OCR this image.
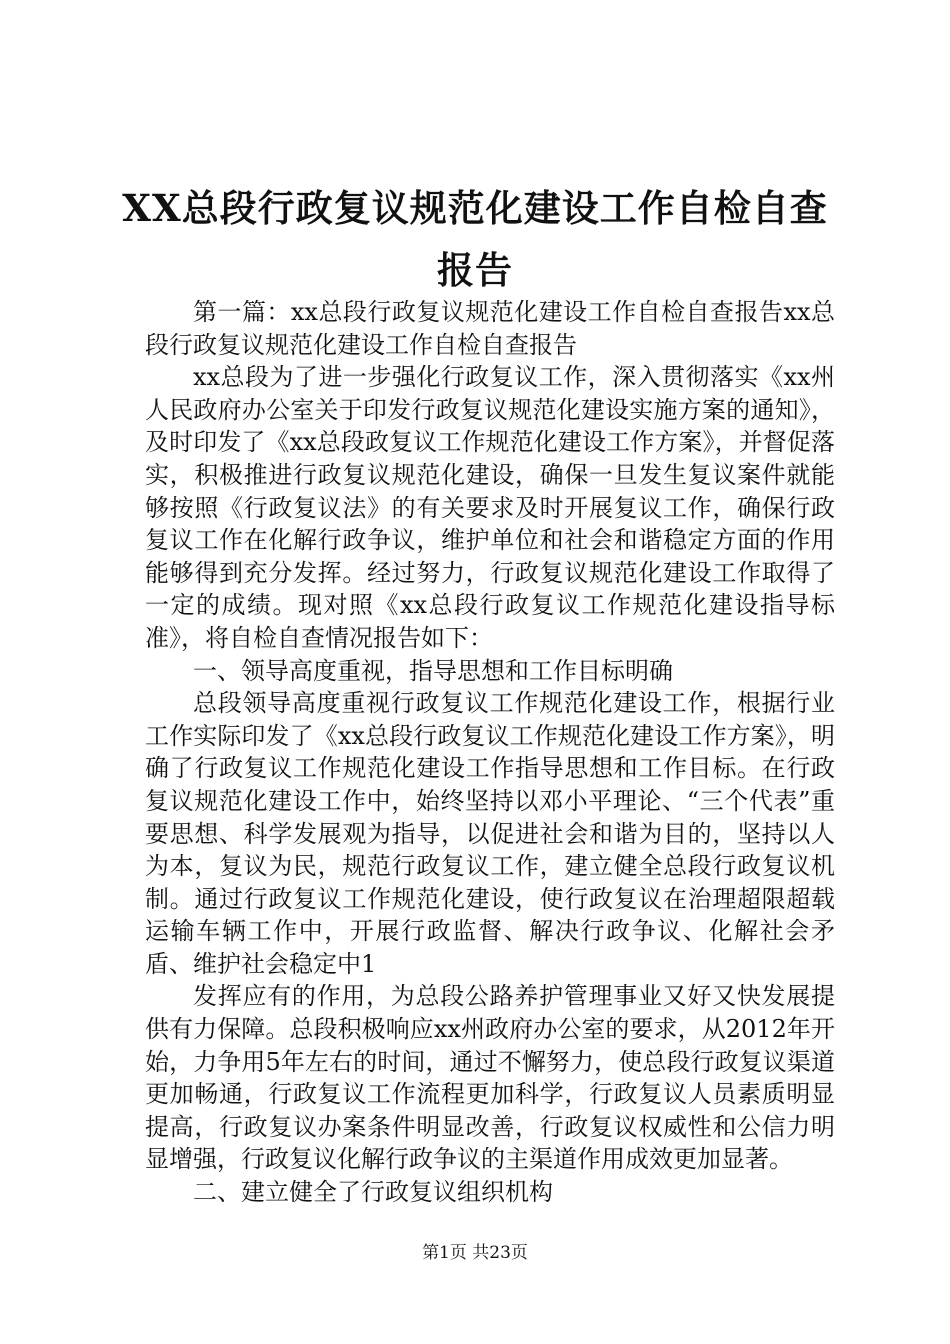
XX总段行政复议规范化建设工作自检自查报告

第一篇：xx总段行政复议规范化建设工作自检自查报告xx总段行政复议规范化建设工作自检自查报告

xx总段为了进一步强化行政复议工作，深入贯彻落实《xx州人民政府办公室关于印发行政复议规范化建设实施方案的通知》，及时印发了《xx总段政复议工作规范化建设工作方案》，并督促落实，积极推进行政复议规范化建设，确保一旦发生复议案件就能够按照《行政复议法》的有关要求及时开展复议工作，确保行政复议工作在化解行政争议，维护单位和社会和谐稳定方面的作用能够得到充分发挥。经过努力，行政复议规范化建设工作取得了一定的成绩。现对照《xx总段行政复议工作规范化建设指导标准》，将自检自查情况报告如下：

一、领导高度重视，指导思想和工作目标明确

总段领导高度重视行政复议工作规范化建设工作，根据行业工作实际印发了《xx总段行政复议工作规范化建设工作方案》，明确了行政复议工作规范化建设工作指导思想和工作目标。在行政复议规范化建设工作中，始终坚持以邓小平理论、“三个代表”重要思想、科学发展观为指导，以促进社会和谐为目的，坚持以人为本，复议为民，规范行政复议工作，建立健全总段行政复议机制。通过行政复议工作规范化建设，使行政复议在治理超限超载运输车辆工作中，开展行政监督、解决行政争议、化解社会矛盾、维护社会稳定中1

发挥应有的作用，为总段公路养护管理事业又好又快发展提供有力保障。总段积极响应xx州政府办公室的要求，从2012年开始，力争用5年左右的时间，通过不懈努力，使总段行政复议渠道更加畅通，行政复议工作流程更加科学，行政复议人员素质明显提高，行政复议办案条件明显改善，行政复议权威性和公信力明显增强，行政复议化解行政争议的主渠道作用成效更加显著。

二、建立健全了行政复议组织机构

第1页 共23页
